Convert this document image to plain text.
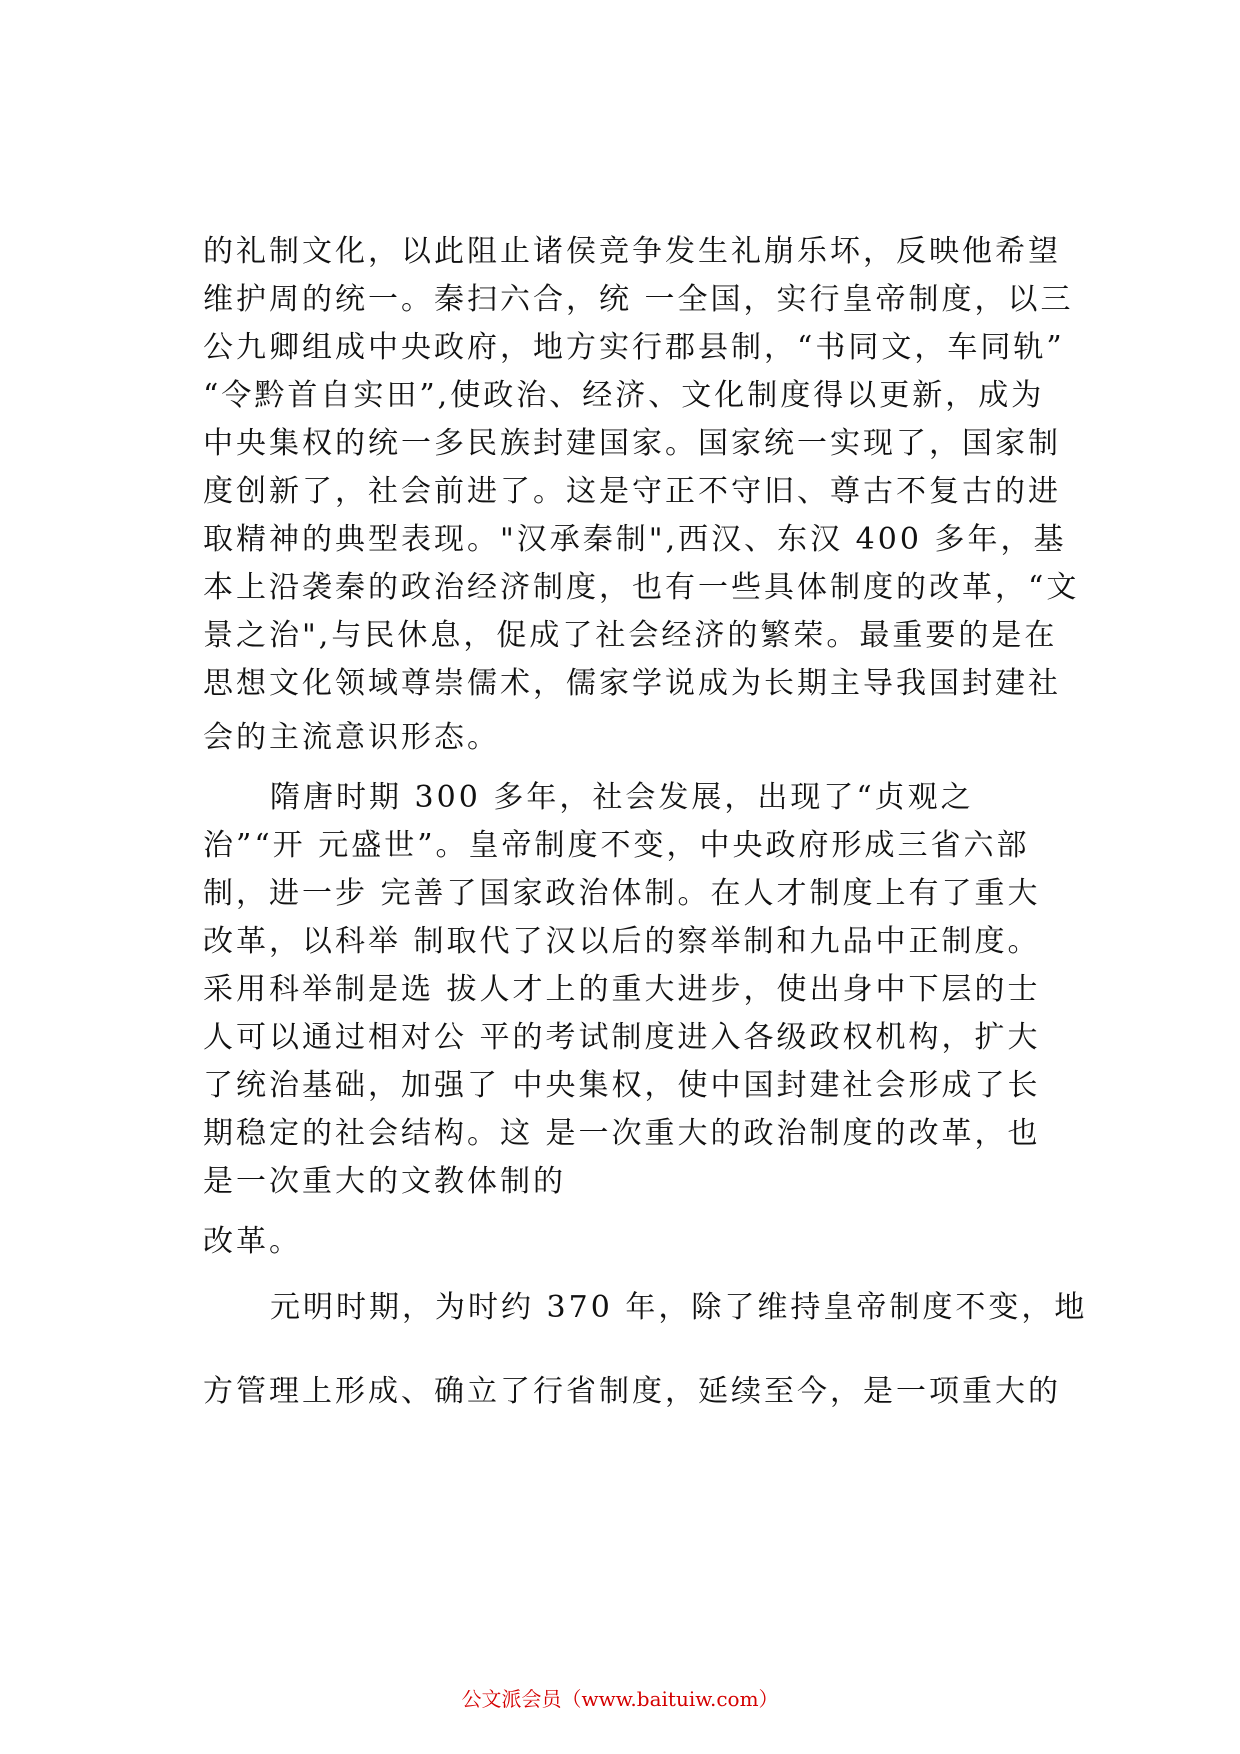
的礼制文化，以此阻止诸侯竞争发生礼崩乐坏，反映他希望
维护周的统一。秦扫六合，统 一全国，实行皇帝制度，以三
公九卿组成中央政府，地方实行郡县制，“书同文，车同轨”
“令黔首自实田”,使政治、经济、文化制度得以更新，成为
中央集权的统一多民族封建国家。国家统一实现了，国家制
度创新了，社会前进了。这是守正不守旧、尊古不复古的进
取精神的典型表现。"汉承秦制",西汉、东汉 400 多年，基
本上沿袭秦的政治经济制度，也有一些具体制度的改革，“文
景之治",与民休息，促成了社会经济的繁荣。最重要的是在
思想文化领域尊崇儒术，儒家学说成为长期主导我国封建社
会的主流意识形态。
隋唐时期 300 多年，社会发展，出现了“贞观之
治”“开 元盛世”。皇帝制度不变，中央政府形成三省六部
制，进一步 完善了国家政治体制。在人才制度上有了重大
改革，以科举 制取代了汉以后的察举制和九品中正制度。
采用科举制是选 拔人才上的重大进步，使出身中下层的士
人可以通过相对公 平的考试制度进入各级政权机构，扩大
了统治基础，加强了 中央集权，使中国封建社会形成了长
期稳定的社会结构。这 是一次重大的政治制度的改革，也
是一次重大的文教体制的
改革。
元明时期，为时约 370 年，除了维持皇帝制度不变，地
方管理上形成、确立了行省制度，延续至今，是一项重大的
公文派会员（www.baituiw.com）
